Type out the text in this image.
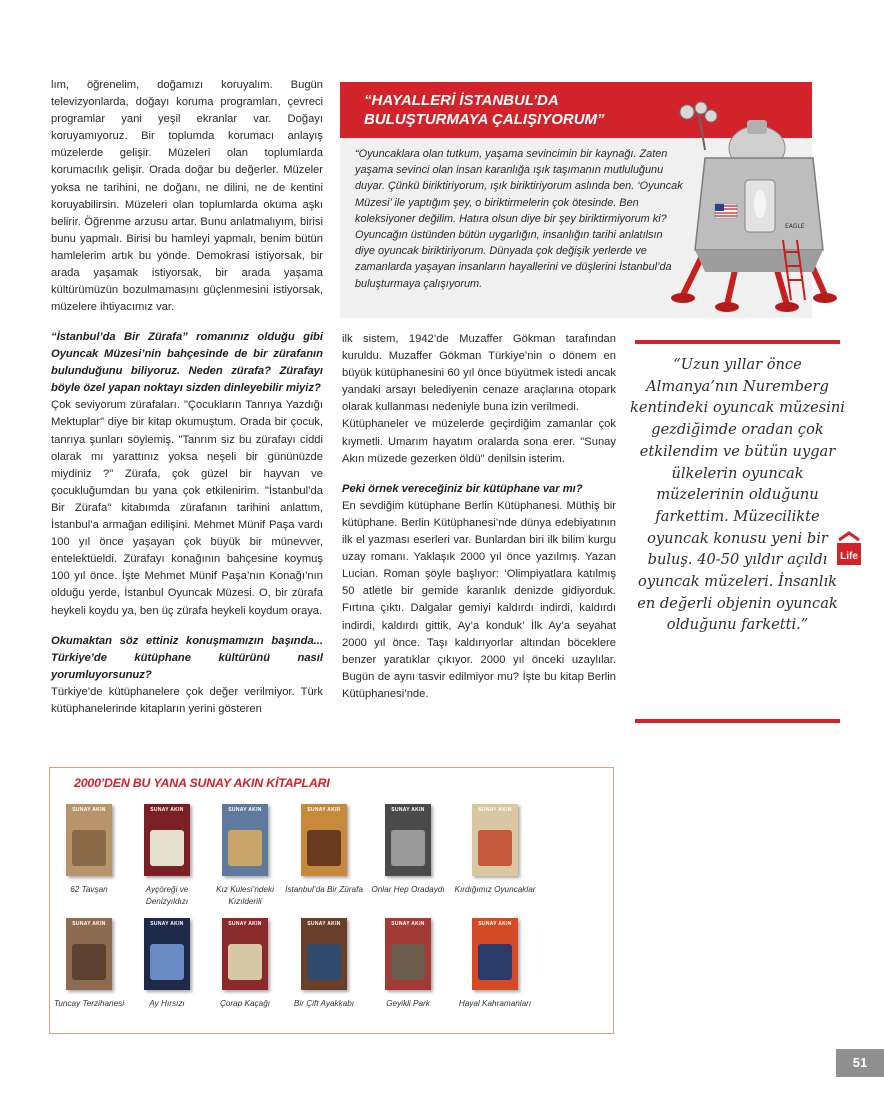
lım, öğrenelim, doğamızı koruyalım. Bugün televizyonlarda, doğayı koruma programları, çevreci programlar yani yeşil ekranlar var. Doğayı koruyamıyoruz. Bir toplumda korumacı anlayış müzelerde gelişir. Müzeleri olan toplumlarda korumacılık gelişir. Orada doğar bu değerler. Müzeler yoksa ne tarihini, ne doğanı, ne dilini, ne de kentini koruyabilirsin. Müzeleri olan toplumlarda okuma aşkı belirir. Öğrenme arzusu artar. Bunu anlatmalıyım, birisi bunu yapmalı. Birisi bu hamleyi yapmalı, benim bütün hamlelerim artık bu yönde. Demokrasi istiyorsak, bir arada yaşamak istiyorsak, bir arada yaşama kültürümüzün bozulmamasını güçlenmesini istiyorsak, müzelere ihtiyacımız var.

“İstanbul’da Bir Zürafa” romanınız olduğu gibi Oyuncak Müzesi’nin bahçesinde de bir zürafanın bulunduğunu biliyoruz. Neden zürafa? Zürafayı böyle özel yapan noktayı sizden dinleyebilir miyiz?

Çok seviyorum zürafaları. "Çocukların Tanrıya Yazdığı Mektuplar" diye bir kitap okumuştum. Orada bir çocuk, tanrıya şunları söylemiş. "Tanrım siz bu zürafayı ciddi olarak mı yarattınız yoksa neşeli bir gününüzde miydiniz ?" Zürafa, çok güzel bir hayvan ve çocukluğumdan bu yana çok etkilenirim. "İstanbul’da Bir Zürafa" kitabımda zürafanın tarihini anlattım, İstanbul’a armağan edilişini. Mehmet Münif Paşa vardı 100 yıl önce yaşayan çok büyük bir münevver, entelektüeldi. Zürafayı konağının bahçesine koymuş 100 yıl önce. İşte Mehmet Münif Paşa’nın Konağı’nın olduğu yerde, İstanbul Oyuncak Müzesi. O, bir zürafa heykeli koydu ya, ben üç zürafa heykeli koydum oraya.

Okumaktan söz ettiniz konuşmamızın başında... Türkiye’de kütüphane kültürünü nasıl yorumluyorsunuz?

Türkiye’de kütüphanelere çok değer verilmiyor. Türk kütüphanelerinde kitapların yerini gösteren

ilk sistem, 1942’de Muzaffer Gökman tarafından kuruldu. Muzaffer Gökman Türkiye’nin o dönem en büyük kütüphanesini 60 yıl önce büyütmek istedi ancak yandaki arsayı belediyenin cenaze araçlarına otopark olarak kullanması nedeniyle buna izin verilmedi.

Kütüphaneler ve müzelerde geçirdiğim zamanlar çok kıymetli. Umarım hayatım oralarda sona erer. "Sunay Akın müzede gezerken öldü" denilsin isterim.

Peki örnek vereceğiniz bir kütüphane var mı?

En sevdiğim kütüphane Berlin Kütüphanesi. Müthiş bir kütüphane. Berlin Kütüphanesi’nde dünya edebiyatının ilk el yazması eserleri var. Bunlardan biri ilk bilim kurgu uzay romanı. Yaklaşık 2000 yıl önce yazılmış. Yazan Lucian. Roman şöyle başlıyor: ‘Olimpiyatlara katılmış 50 atletle bir gemide karanlık denizde gidiyorduk. Fırtına çıktı. Dalgalar gemiyi kaldırdı indirdi, kaldırdı indirdi, kaldırdı gittik, Ay’a konduk’ İlk Ay’a seyahat 2000 yıl önce. Taşı kaldırıyorlar altından böceklere benzer yaratıklar çıkıyor. 2000 yıl önceki uzaylılar. Bugün de aynı tasvir edilmiyor mu? İşte bu kitap Berlin Kütüphanesi’nde.

“HAYALLERİ İSTANBUL’DA BULUŞTURMAYA ÇALIŞIYORUM”
“Oyuncaklara olan tutkum, yaşama sevincimin bir kaynağı. Zaten yaşama sevinci olan insan karanlığa ışık taşımanın mutluluğunu duyar. Çünkü biriktiriyorum, ışık biriktiriyorum aslında ben. ‘Oyuncak Müzesi’ ile yaptığım şey, o biriktirmelerin çok ötesinde. Ben koleksiyoner değilim. Hatıra olsun diye bir şey biriktirmiyorum ki? Oyuncağın üstünden bütün uygarlığın, insanlığın tarihi anlatılsın diye oyuncak biriktiriyorum. Dünyada çok değişik yerlerde ve zamanlarda yaşayan insanların hayallerini ve düşlerini İstanbul’da buluşturmaya çalışıyorum.
EAGLE
“Uzun yıllar önce Almanya’nın Nuremberg kentindeki oyuncak müzesini gezdiğimde oradan çok etkilendim ve bütün uygar ülkelerin oyuncak müzelerinin olduğunu farkettim. Müzecilikte oyuncak konusu yeni bir buluş. 40-50 yıldır açıldı oyuncak müzeleri. İnsanlık en değerli objenin oyuncak olduğunu farketti.”
Life
2000’DEN BU YANA SUNAY AKIN KİTAPLARI
SUNAY AKIN
62 Tavşan
SUNAY AKIN
Ayçöreği ve Denizyıldızı
SUNAY AKIN
Kız Kulesi’ndeki Kızılderili
SUNAY AKIN
İstanbul’da Bir Zürafa
SUNAY AKIN
Onlar Hep Oradaydı
SUNAY AKIN
Kırdığımız Oyuncaklar
SUNAY AKIN
Tuncay Terzihanesi
SUNAY AKIN
Ay Hırsızı
SUNAY AKIN
Çorap Kaçağı
SUNAY AKIN
Bir Çift Ayakkabı
SUNAY AKIN
Geyikli Park
SUNAY AKIN
Hayal Kahramanları
51
